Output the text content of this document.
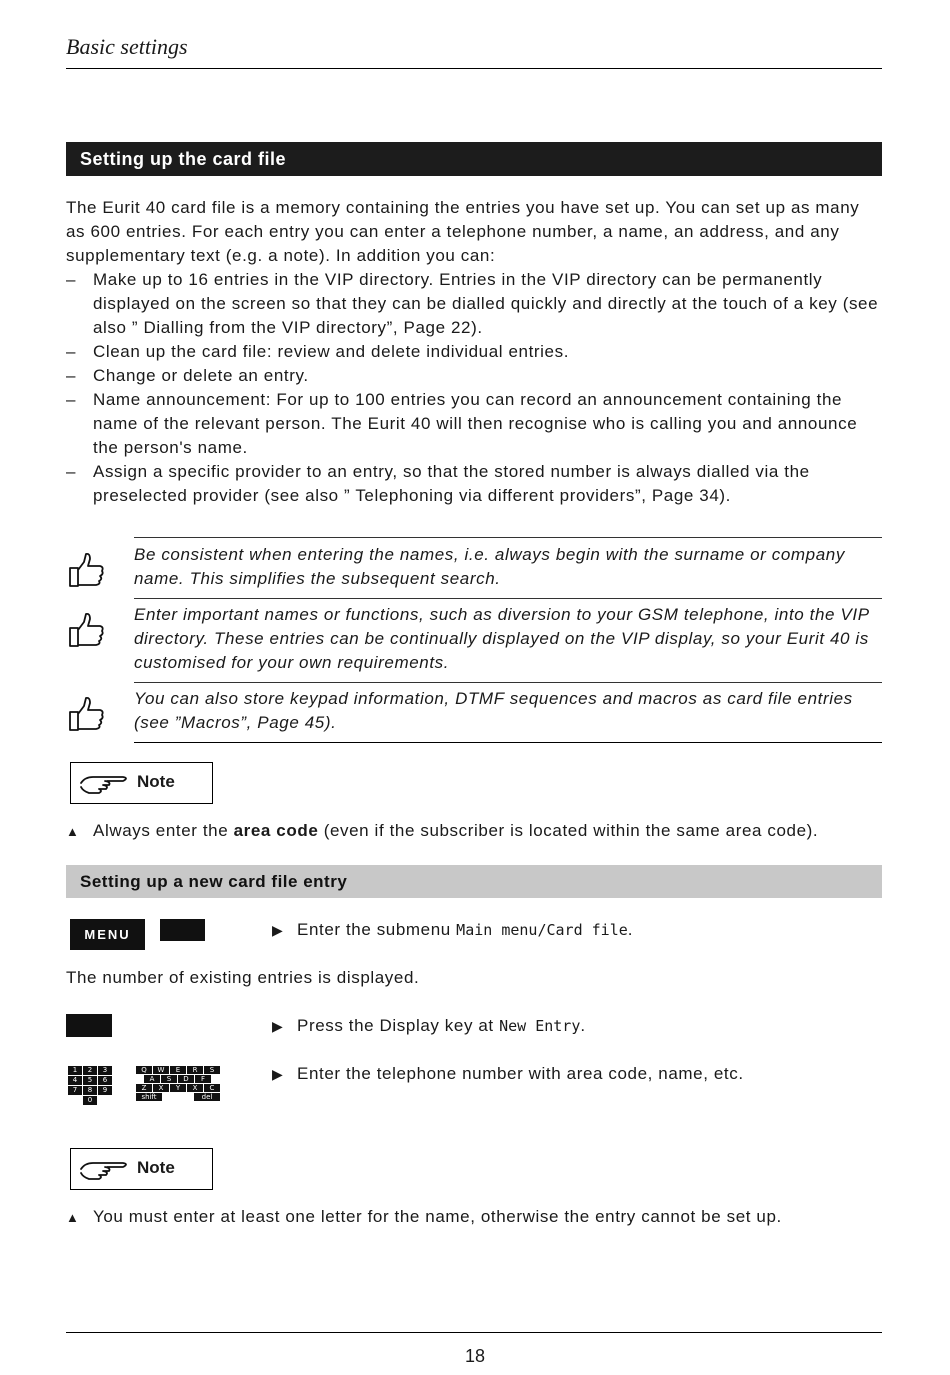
Basic settings
Setting up the card file
The Eurit 40 card file is a memory containing the entries you have set up. You can set up as many as 600 entries. For each entry you can enter a telephone number, a name, an address, and any supplementary text (e.g. a note). In addition you can:
– Make up to 16 entries in the VIP directory. Entries in the VIP directory can be permanently displayed on the screen so that they can be dialled quickly and directly at the touch of a key (see also ” Dialling from the VIP directory”, Page 22).
– Clean up the card file: review and delete individual entries.
– Change or delete an entry.
– Name announcement: For up to 100 entries you can record an announcement containing the name of the relevant person. The Eurit 40 will then recognise who is calling you and announce the person's name.
– Assign a specific provider to an entry, so that the stored number is always dialled via the preselected provider (see also ” Telephoning via different providers”, Page 34).
Be consistent when entering the names, i.e. always begin with the surname or company name. This simplifies the subsequent search.
Enter important names or functions, such as diversion to your GSM telephone, into the VIP directory. These entries can be continually displayed on the VIP display, so your Eurit 40 is customised for your own requirements.
You can also store keypad information, DTMF sequences and macros as card file entries (see ”Macros”, Page 45).
Note
▲ Always enter the area code (even if the subscriber is located within the same area code).
Setting up a new card file entry
MENU	▶ Enter the submenu Main menu/Card file.
The number of existing entries is displayed.
▶ Press the Display key at New Entry.
1	2	3
4	5	6
7	8	9
0
Q	W	E	R	S
A	S	D	F
Z	X	Y	X	C
shift	del
▶ Enter the telephone number with area code, name, etc.
Note
▲ You must enter at least one letter for the name, otherwise the entry cannot be set up.
18
